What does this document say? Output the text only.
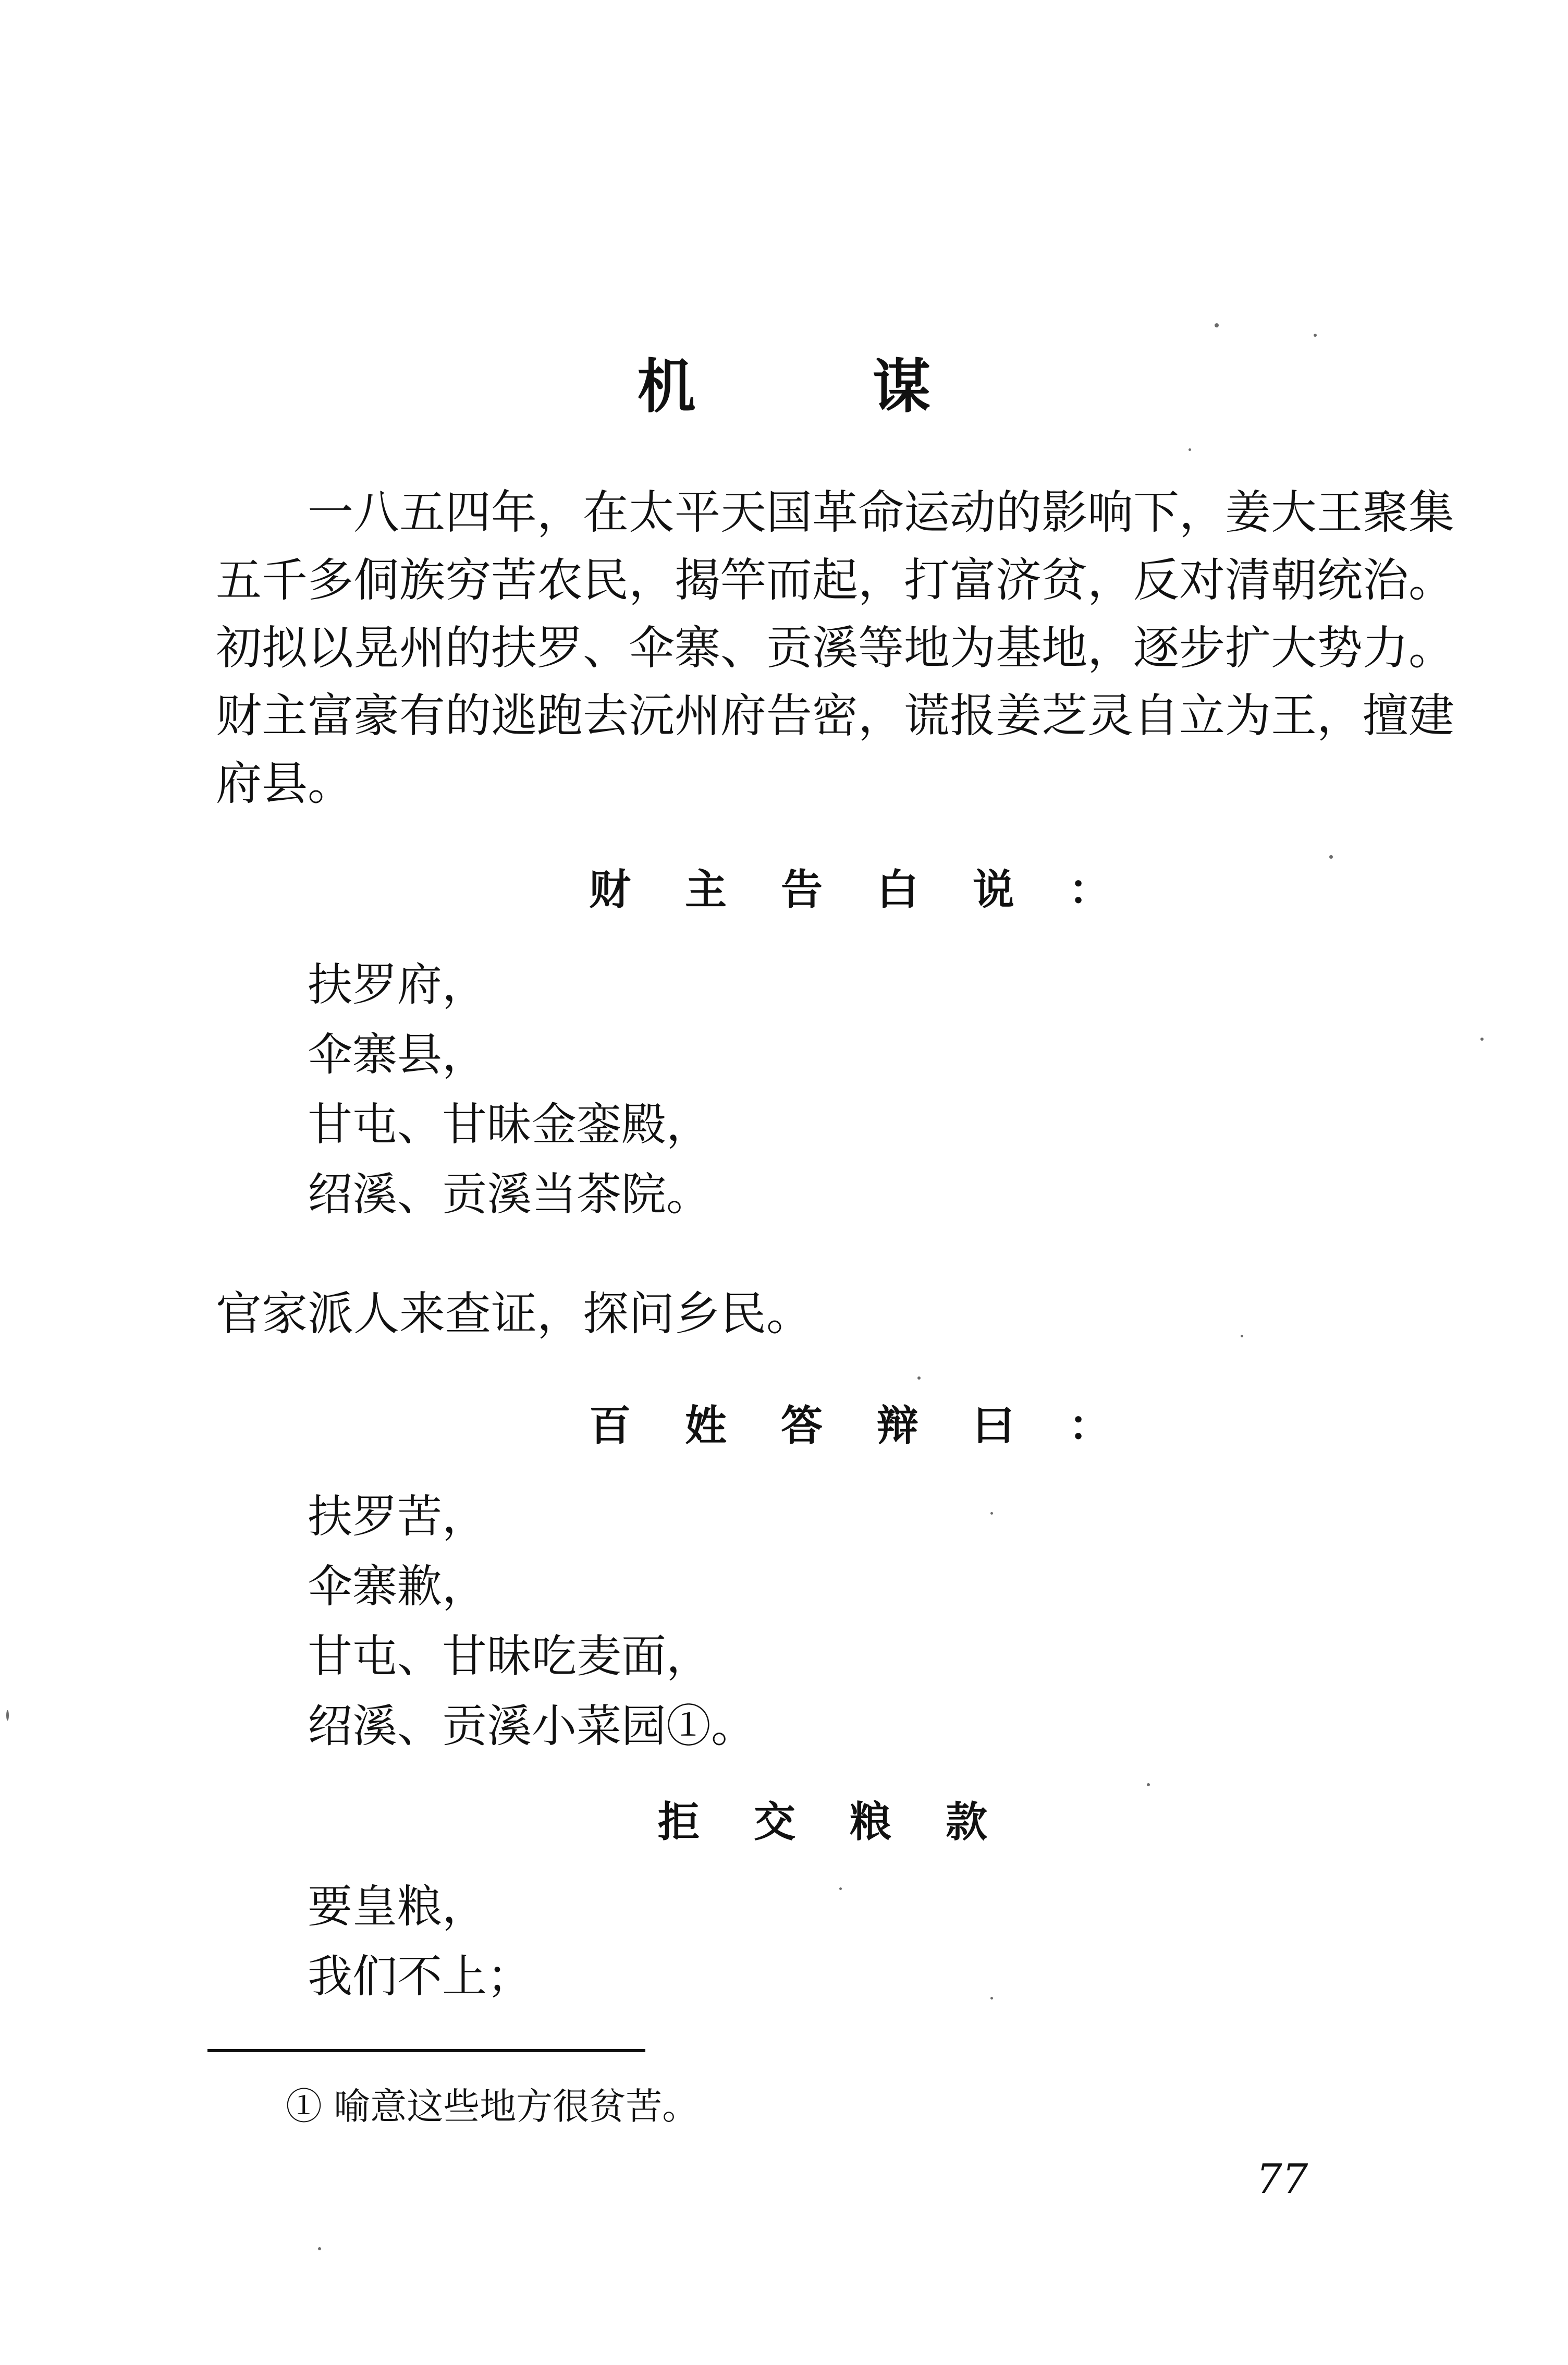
机 谋
一八五四年，在太平天国革命运动的影响下，姜大王聚集
五千多侗族穷苦农民，揭竿而起，打富济贫，反对清朝统治。
初拟以晃州的扶罗、伞寨、贡溪等地为基地，逐步扩大势力。
财主富豪有的逃跑去沅州府告密，谎报姜芝灵自立为王，擅建
府县。
财主告白说：
扶罗府，
伞寨县，
甘屯、甘昧金銮殿，
绍溪、贡溪当茶院。
官家派人来查证，探问乡民。
百姓答辩曰：
扶罗苦，
伞寨歉，
甘屯、甘昧吃麦面，
绍溪、贡溪小菜园①。
拒交粮款
要皇粮，
我们不上；
① 喻意这些地方很贫苦。
77
